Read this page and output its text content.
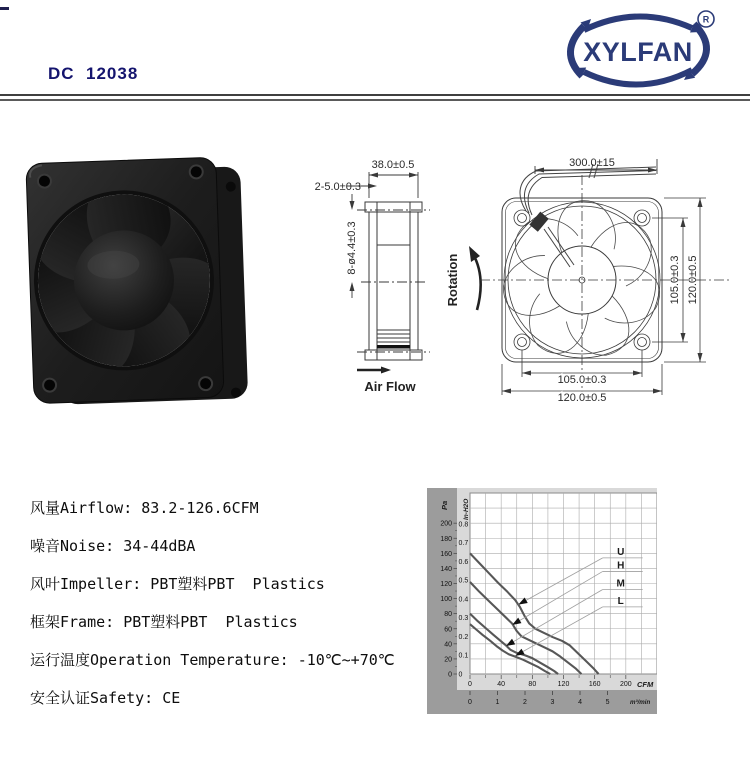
DC  12038
XYLFAN
R
38.0±0.5
2-5.0±0.3
8-ø4.4±0.3
Rotation
Air Flow
300.0±15
105.0±0.3 120.0±0.5
105.0±0.3
120.0±0.5
风量Airflow: 83.2-126.6CFM
噪音Noise: 34-44dBA
风叶Impeller: PBT塑料PBT  Plastics
框架Frame: PBT塑料PBT  Plastics
运行温度Operation Temperature: -10℃~+70℃
安全认证Safety: CE
Pa In-H2O
CFM
m³/min
0
20
40
60
80
100
120
140
160
180
200
0
0.1
0.2
0.3
0.4
0.5
0.6
0.7
0.8
0	40	80	120	160	200
0	1	2	3	4	5
U
H
M
L
